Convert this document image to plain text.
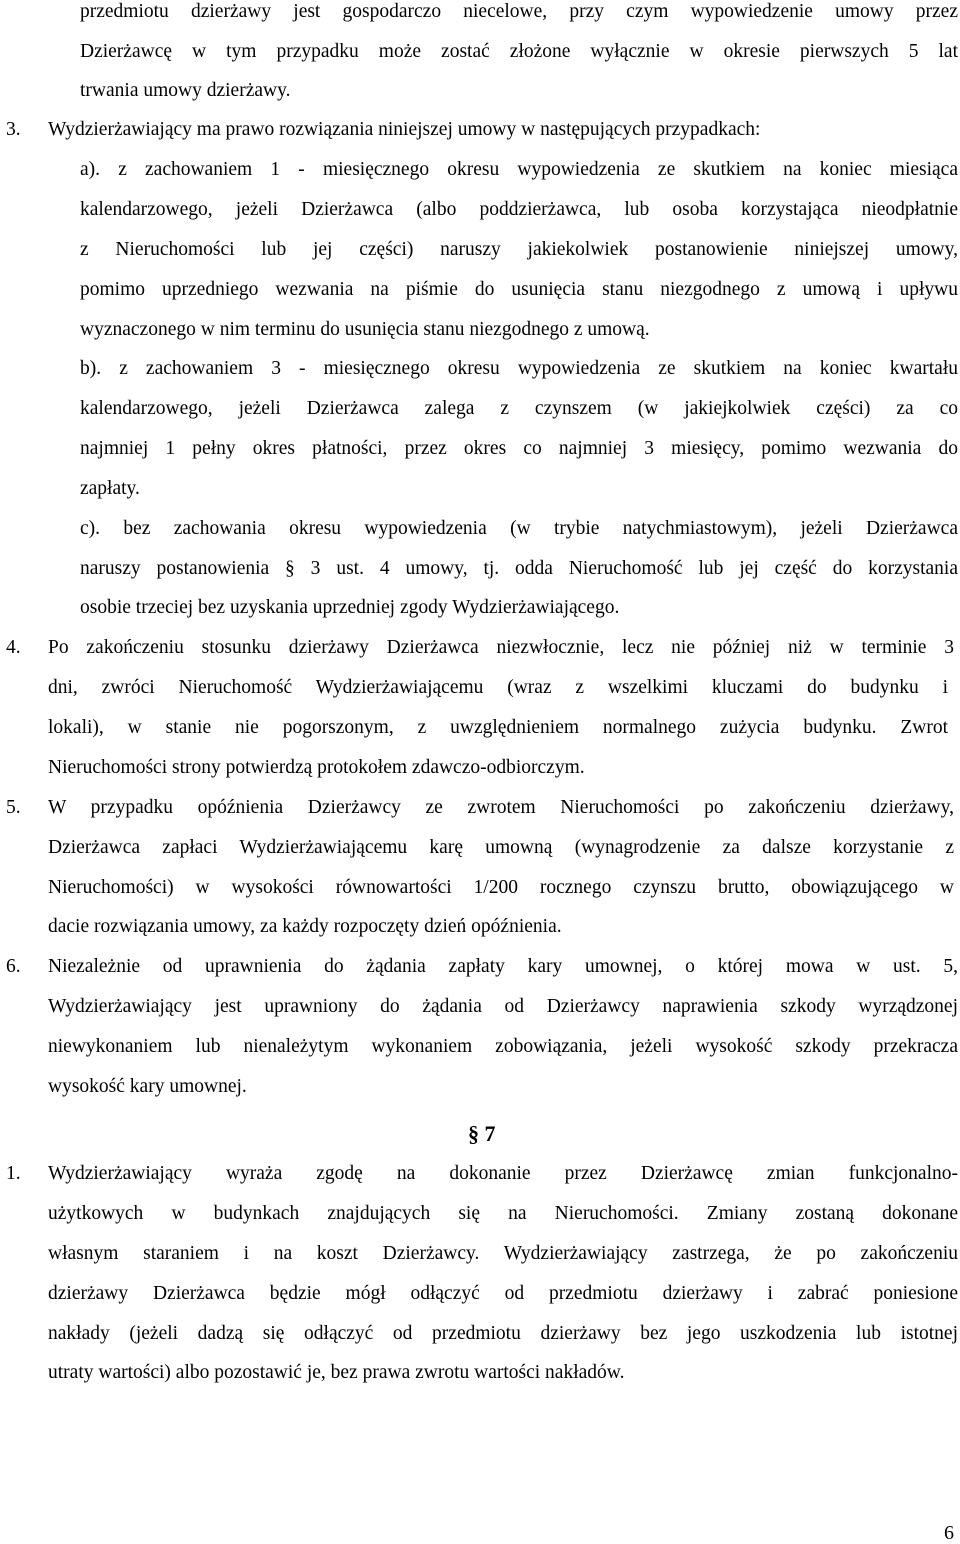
przedmiotu dzierżawy jest gospodarczo niecelowe, przy czym wypowiedzenie umowy przez
Dzierżawcę w tym przypadku może zostać złożone wyłącznie w okresie pierwszych 5 lat
trwania umowy dzierżawy.
3. Wydzierżawiający ma prawo rozwiązania niniejszej umowy w następujących przypadkach:
a). z zachowaniem 1 - miesięcznego okresu wypowiedzenia ze skutkiem na koniec miesiąca
kalendarzowego, jeżeli Dzierżawca (albo poddzierżawca, lub osoba korzystająca nieodpłatnie
z Nieruchomości lub jej części) naruszy jakiekolwiek postanowienie niniejszej umowy,
pomimo uprzedniego wezwania na piśmie do usunięcia stanu niezgodnego z umową i upływu
wyznaczonego w nim terminu do usunięcia stanu niezgodnego z umową.
b). z zachowaniem 3 - miesięcznego okresu wypowiedzenia ze skutkiem na koniec kwartału
kalendarzowego, jeżeli Dzierżawca zalega z czynszem (w jakiejkolwiek części) za co
najmniej 1 pełny okres płatności, przez okres co najmniej 3 miesięcy, pomimo wezwania do
zapłaty.
c). bez zachowania okresu wypowiedzenia (w trybie natychmiastowym), jeżeli Dzierżawca
naruszy postanowienia § 3 ust. 4 umowy, tj. odda Nieruchomość lub jej część do korzystania
osobie trzeciej bez uzyskania uprzedniej zgody Wydzierżawiającego.
4. Po zakończeniu stosunku dzierżawy Dzierżawca niezwłocznie, lecz nie później niż w terminie 3
dni, zwróci Nieruchomość Wydzierżawiającemu (wraz z wszelkimi kluczami do budynku i
lokali), w stanie nie pogorszonym, z uwzględnieniem normalnego zużycia budynku. Zwrot
Nieruchomości strony potwierdzą protokołem zdawczo-odbiorczym.
5. W przypadku opóźnienia Dzierżawcy ze zwrotem Nieruchomości po zakończeniu dzierżawy,
Dzierżawca zapłaci Wydzierżawiającemu karę umowną (wynagrodzenie za dalsze korzystanie z
Nieruchomości) w wysokości równowartości 1/200 rocznego czynszu brutto, obowiązującego w
dacie rozwiązania umowy, za każdy rozpoczęty dzień opóźnienia.
6. Niezależnie od uprawnienia do żądania zapłaty kary umownej, o której mowa w ust. 5,
Wydzierżawiający jest uprawniony do żądania od Dzierżawcy naprawienia szkody wyrządzonej
niewykonaniem lub nienależytym wykonaniem zobowiązania, jeżeli wysokość szkody przekracza
wysokość kary umownej.
§ 7
1. Wydzierżawiający wyraża zgodę na dokonanie przez Dzierżawcę zmian funkcjonalno-
użytkowych w budynkach znajdujących się na Nieruchomości. Zmiany zostaną dokonane
własnym staraniem i na koszt Dzierżawcy. Wydzierżawiający zastrzega, że po zakończeniu
dzierżawy Dzierżawca będzie mógł odłączyć od przedmiotu dzierżawy i zabrać poniesione
nakłady (jeżeli dadzą się odłączyć od przedmiotu dzierżawy bez jego uszkodzenia lub istotnej
utraty wartości) albo pozostawić je, bez prawa zwrotu wartości nakładów.
6
